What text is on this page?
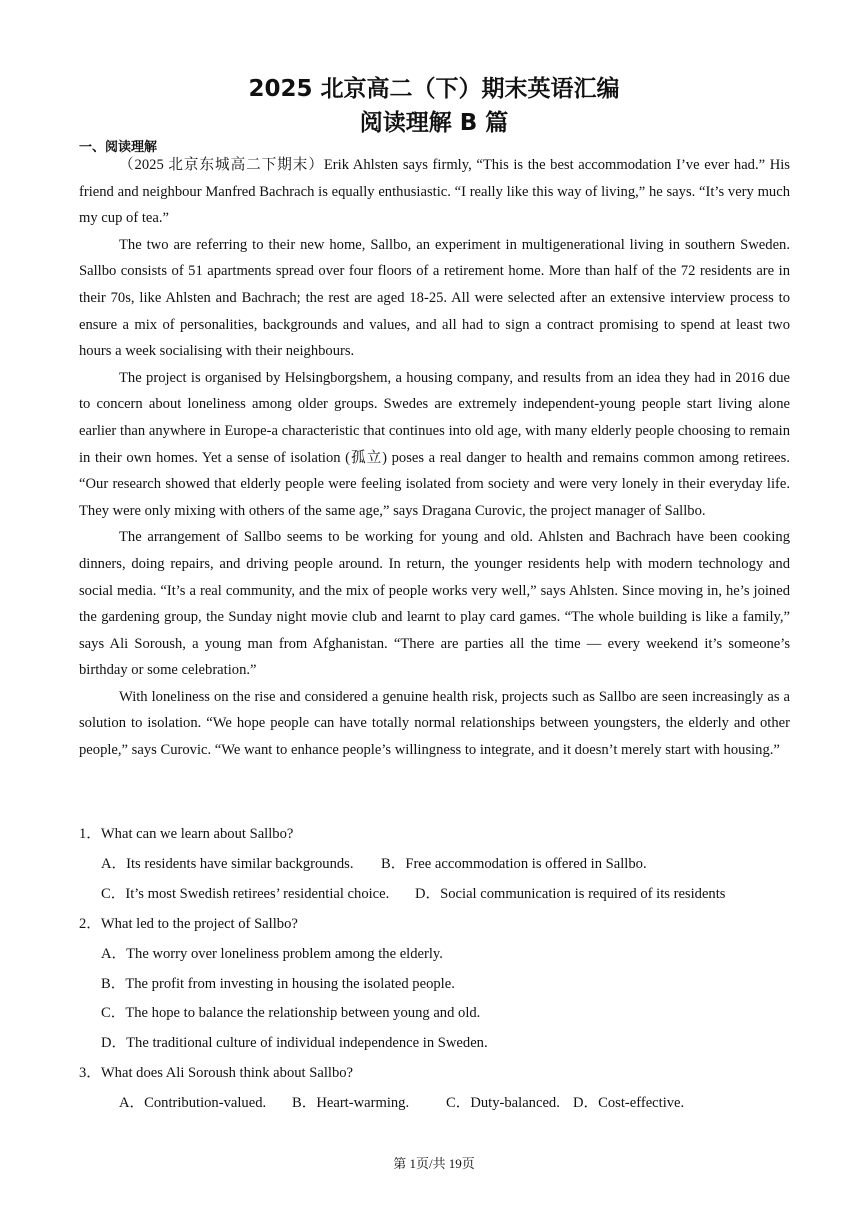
2025 北京高二（下）期末英语汇编
阅读理解 B 篇
一、阅读理解

（2025 北京东城高二下期末）Erik Ahlsten says firmly, “This is the best accommodation I’ve ever had.” His friend and neighbour Manfred Bachrach is equally enthusiastic. “I really like this way of living,” he says. “It’s very much my cup of tea.”

The two are referring to their new home, Sallbo, an experiment in multigenerational living in southern Sweden. Sallbo consists of 51 apartments spread over four floors of a retirement home. More than half of the 72 residents are in their 70s, like Ahlsten and Bachrach; the rest are aged 18-25. All were selected after an extensive interview process to ensure a mix of personalities, backgrounds and values, and all had to sign a contract promising to spend at least two hours a week socialising with their neighbours.

The project is organised by Helsingborgshem, a housing company, and results from an idea they had in 2016 due to concern about loneliness among older groups. Swedes are extremely independent-young people start living alone earlier than anywhere in Europe-a characteristic that continues into old age, with many elderly people choosing to remain in their own homes. Yet a sense of isolation (孤立) poses a real danger to health and remains common among retirees. “Our research showed that elderly people were feeling isolated from society and were very lonely in their everyday life. They were only mixing with others of the same age,” says Dragana Curovic, the project manager of Sallbo.

The arrangement of Sallbo seems to be working for young and old. Ahlsten and Bachrach have been cooking dinners, doing repairs, and driving people around. In return, the younger residents help with modern technology and social media. “It’s a real community, and the mix of people works very well,” says Ahlsten. Since moving in, he’s joined the gardening group, the Sunday night movie club and learnt to play card games. “The whole building is like a family,” says Ali Soroush, a young man from Afghanistan. “There are parties all the time — every weekend it’s someone’s birthday or some celebration.”

With loneliness on the rise and considered a genuine health risk, projects such as Sallbo are seen increasingly as a solution to isolation. “We hope people can have totally normal relationships between youngsters, the elderly and other people,” says Curovic. “We want to enhance people’s willingness to integrate, and it doesn’t merely start with housing.”

1．What can we learn about Sallbo?
A．Its residents have similar backgrounds. B．Free accommodation is offered in Sallbo.
C．It’s most Swedish retirees’ residential choice. D．Social communication is required of its residents
2．What led to the project of Sallbo?
A．The worry over loneliness problem among the elderly.
B．The profit from investing in housing the isolated people.
C．The hope to balance the relationship between young and old.
D．The traditional culture of individual independence in Sweden.
3．What does Ali Soroush think about Sallbo?
A．Contribution-valued. B．Heart-warming.	C．Duty-balanced. D．Cost-effective.
第 1页/共 19页
